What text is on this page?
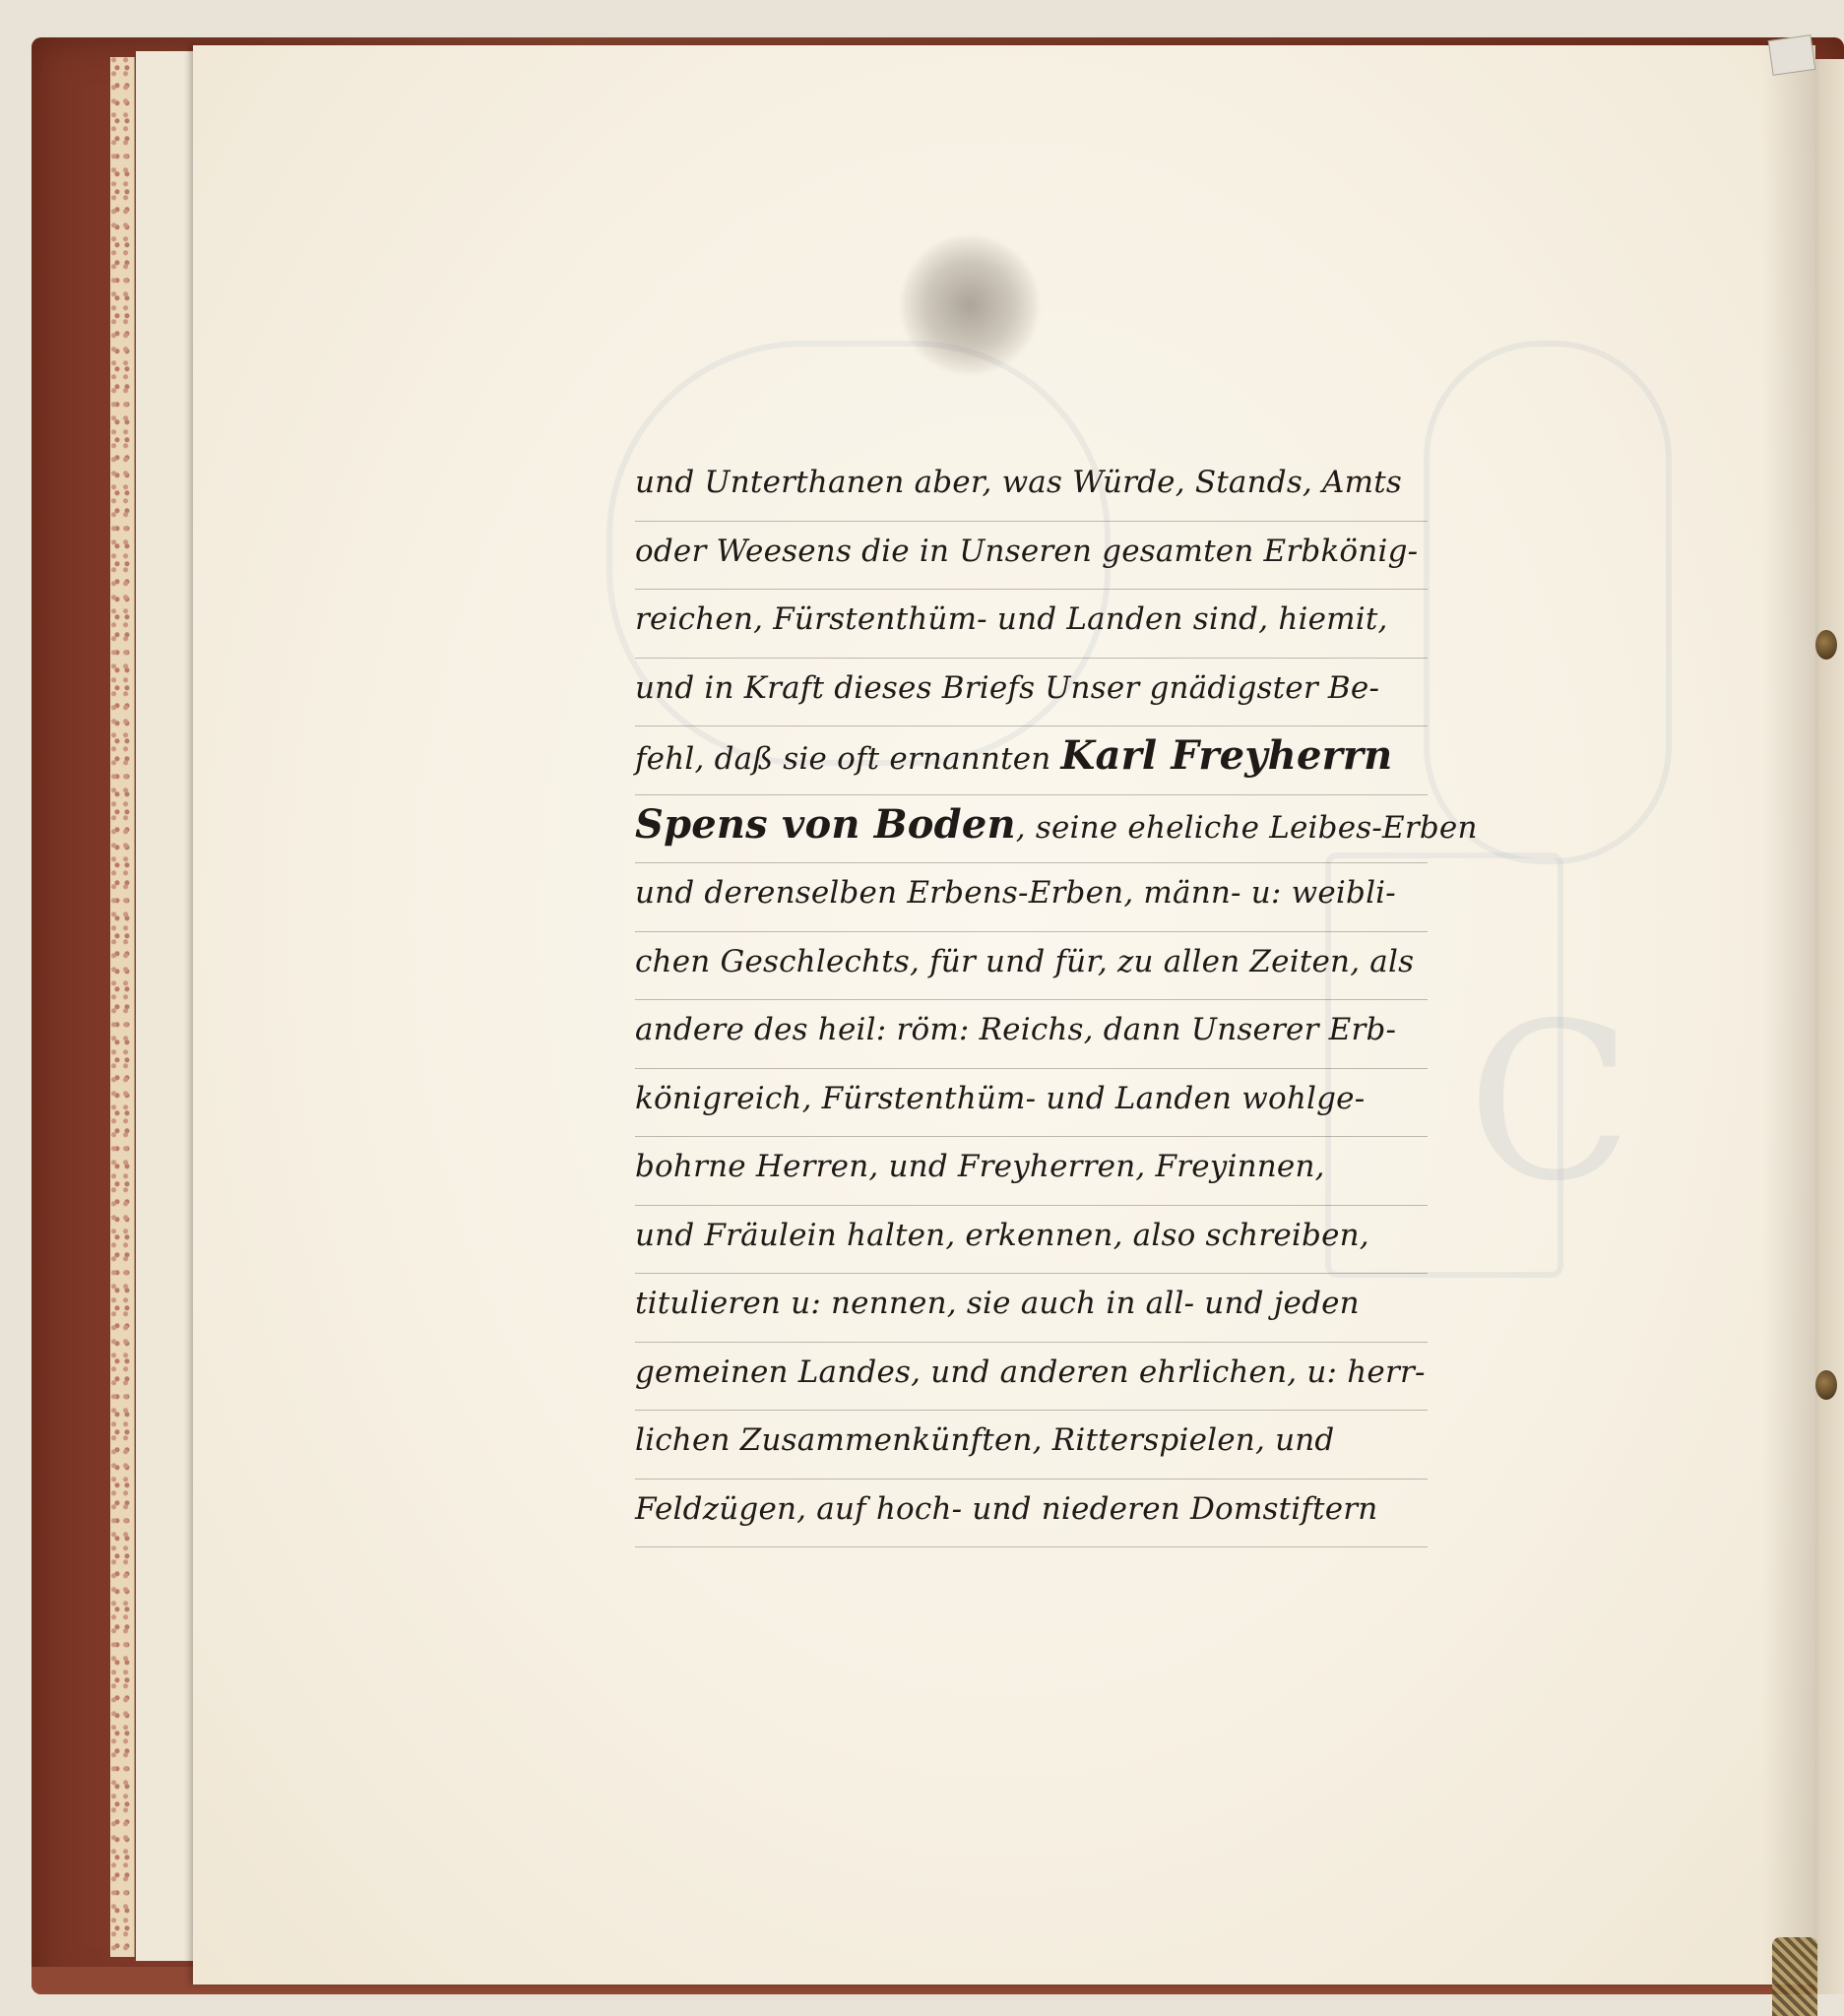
C
und Unterthanen aber, was Würde, Stands, Amts
oder Weesens die in Unseren gesamten Erbkönig-
reichen, Fürstenthüm- und Landen sind, hiemit,
und in Kraft dieses Briefs Unser gnädigster Be-
fehl, daß sie oft ernannten Karl Freyherrn
Spens von Boden, seine eheliche Leibes-Erben
und derenselben Erbens-Erben, männ- u: weibli-
chen Geschlechts, für und für, zu allen Zeiten, als
andere des heil: röm: Reichs, dann Unserer Erb-
königreich, Fürstenthüm- und Landen wohlge-
bohrne Herren, und Freyherren, Freyinnen,
und Fräulein halten, erkennen, also schreiben,
titulieren u: nennen, sie auch in all- und jeden
gemeinen Landes, und anderen ehrlichen, u: herr-
lichen Zusammenkünften, Ritterspielen, und
Feldzügen, auf hoch- und niederen Domstiftern
